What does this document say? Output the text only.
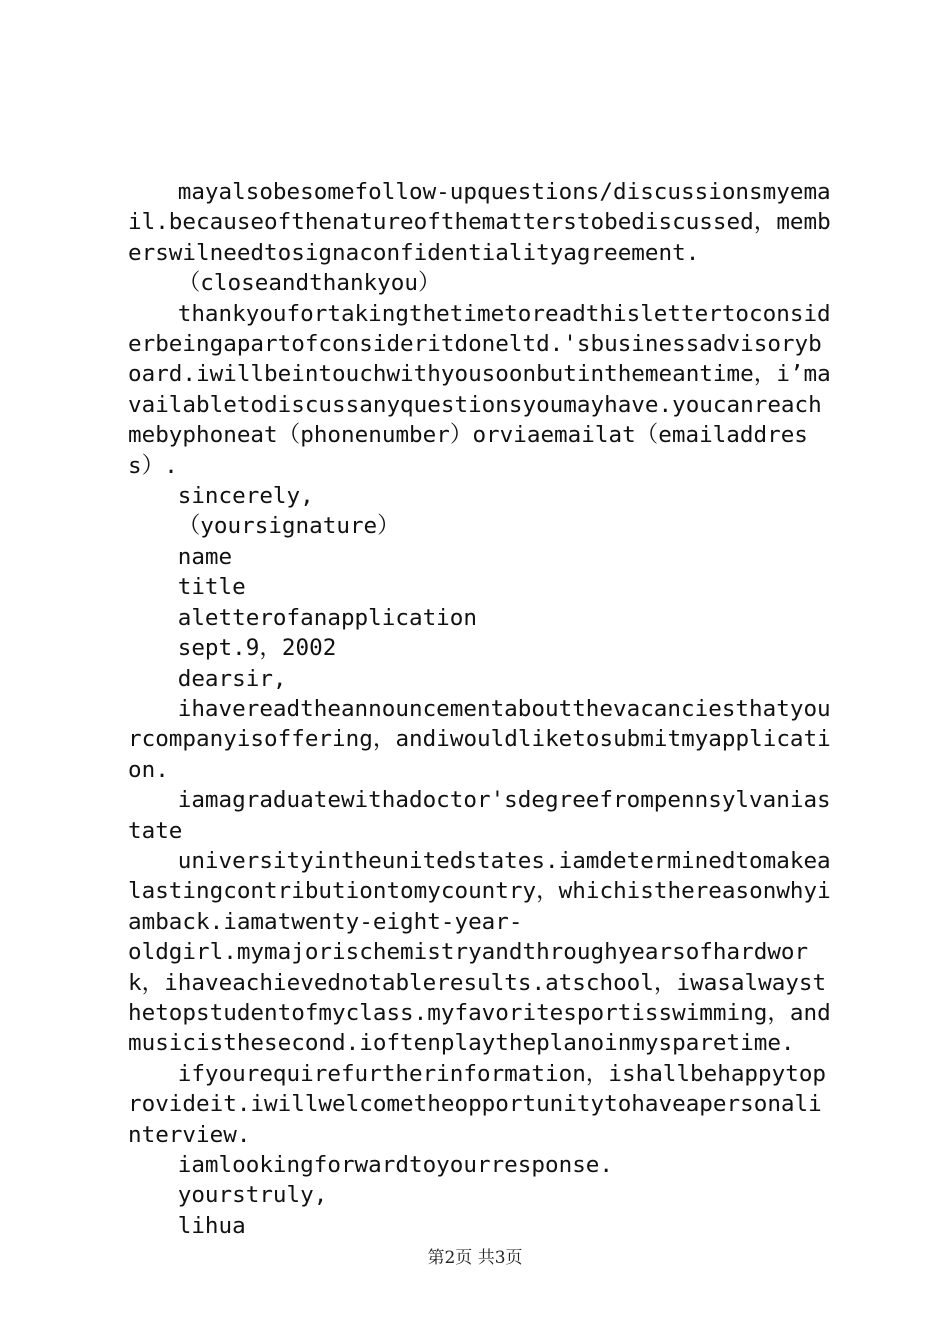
mayalsobesomefollow-upquestions/discussionsmyemail.becauseofthenatureofthematterstobediscussed，memberswilneedtosignaconfidentialityagreement.

（closeandthankyou）

thankyoufortakingthetimetoreadthislettertoconsiderbeingapartofconsideritdoneltd.'sbusinessadvisoryboard.iwillbeintouchwithyousoonbutinthemeantime，i’mavailabletodiscussanyquestionsyoumayhave.youcanreachmebyphoneat（phonenumber）orviaemailat（emailaddress）.

sincerely,

（yoursignature）

name

title

aletterofanapplication

sept.9，2002

dearsir,

ihavereadtheannouncementaboutthevacanciesthatyourcompanyisoffering，andiwouldliketosubmitmyapplication.

iamagraduatewithadoctor'sdegreefrompennsylvaniastate

universityintheunitedstates.iamdeterminedtomakealastingcontributiontomycountry，whichisthereasonwhyiamback.iamatwenty-eight-year-

oldgirl.mymajorischemistryandthroughyearsofhardwork，ihaveachievednotableresults.atschool，iwasalwaysthetopstudentofmyclass.myfavoritesportisswimming，andmusicisthesecond.ioftenplaytheplanoinmysparetime.

ifyourequirefurtherinformation，ishallbehappytoprovideit.iwillwelcometheopportunitytohaveapersonalinterview.

iamlookingforwardtoyourresponse.

yourstruly,

lihua

第2页 共3页
